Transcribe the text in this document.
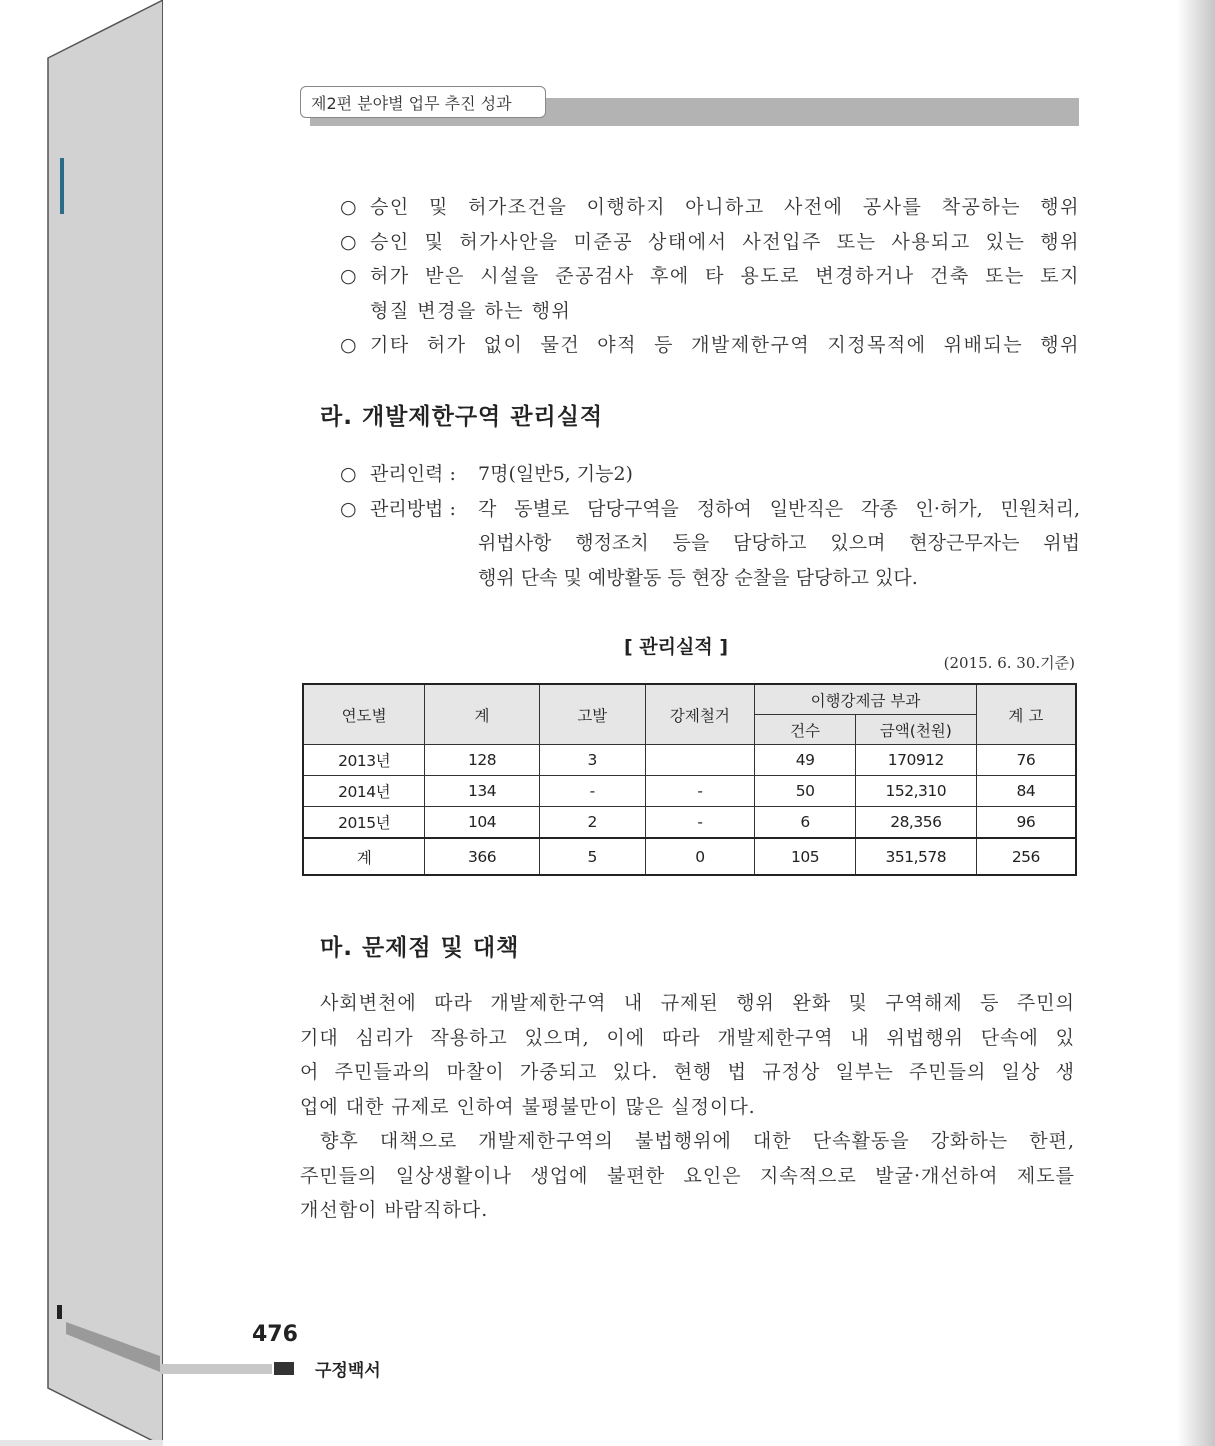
제2편 분야별 업무 추진 성과
○ 승인 및 허가조건을 이행하지 아니하고 사전에 공사를 착공하는 행위
○ 승인 및 허가사안을 미준공 상태에서 사전입주 또는 사용되고 있는 행위
○ 허가 받은 시설을 준공검사 후에 타 용도로 변경하거나 건축 또는 토지
형질 변경을 하는 행위
○ 기타 허가 없이 물건 야적 등 개발제한구역 지정목적에 위배되는 행위
라. 개발제한구역 관리실적
○ 관리인력 :	7명(일반5, 기능2)
○ 관리방법 :	각 동별로 담당구역을 정하여 일반직은 각종 인·허가, 민원처리,
위법사항 행정조치 등을 담당하고 있으며 현장근무자는 위법
행위 단속 및 예방활동 등 현장 순찰을 담당하고 있다.
[ 관리실적 ]
(2015. 6. 30.기준)
연도별	계	고발	강제철거	이행강제금 부과		계 고
				건수	금액(천원)	
2013년	128	3		49	170912	76
2014년	134	-	-	50	152,310	84
2015년	104	2	-	6	28,356	96
계	366	5	0	105	351,578	256
마. 문제점 및 대책
사회변천에 따라 개발제한구역 내 규제된 행위 완화 및 구역해제 등 주민의
기대 심리가 작용하고 있으며, 이에 따라 개발제한구역 내 위법행위 단속에 있
어 주민들과의 마찰이 가중되고 있다. 현행 법 규정상 일부는 주민들의 일상 생
업에 대한 규제로 인하여 불평불만이 많은 실정이다.
향후 대책으로 개발제한구역의 불법행위에 대한 단속활동을 강화하는 한편,
주민들의 일상생활이나 생업에 불편한 요인은 지속적으로 발굴·개선하여 제도를
개선함이 바람직하다.
476
구정백서
